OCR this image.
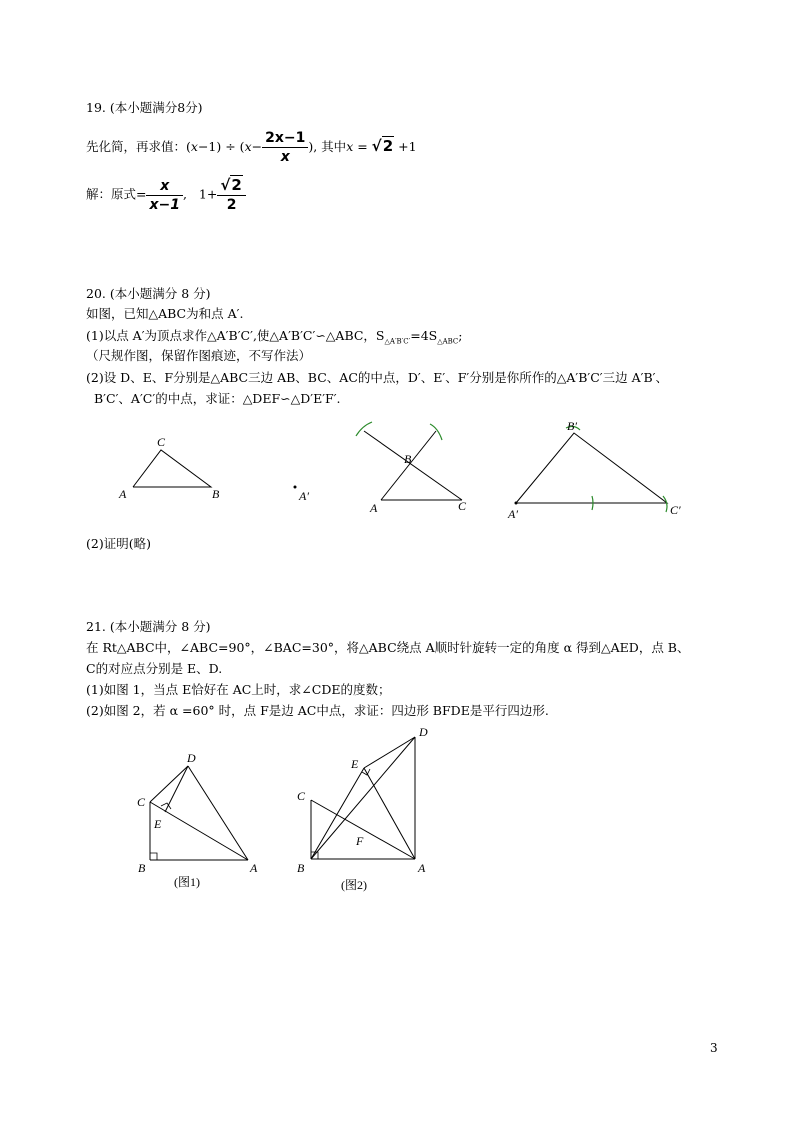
19. (本小题满分8分)
先化简，再求值：$(x-1) \div (x- \frac{2x-1}{x}$ ), 其中x = √2 +1
解：原式= $\frac{x}{x-1}$ , $1+ \frac{√2}{2}$
20. (本小题满分 8 分)
如图，已知△ABC为和点 A′.
(1)以点 A′为顶点求作△A′B′C′,使△A′B′C′∽△ABC，$S_{\triangle A'B'C'}=4S_{\triangle ABC}$;
（尺规作图，保留作图痕迹，不写作法）
(2)设 D、E、F分别是△ABC三边 AB、BC、AC的中点，D′、E′、F′分别是你所作的△A′B′C′三边 A′B′、
B′C′、A′C′的中点，求证：△DEF∽△D′E′F′.
C
A	B	A′
B
A	C
B′
A′	C′
(2)证明(略)
21. (本小题满分 8 分)
在 Rt△ABC中，∠ABC=90°，∠BAC=30°，将△ABC绕点 A顺时针旋转一定的角度 α 得到△AED，点 B、
C的对应点分别是 E、D.
(1)如图 1，当点 E恰好在 AC上时，求∠CDE的度数；
(2)如图 2，若 α =60° 时，点 F是边 AC中点，求证：四边形 BFDE是平行四边形.
D
C
E
B	A
(图1)
D
E
C
F
B	A
(图2)
3
